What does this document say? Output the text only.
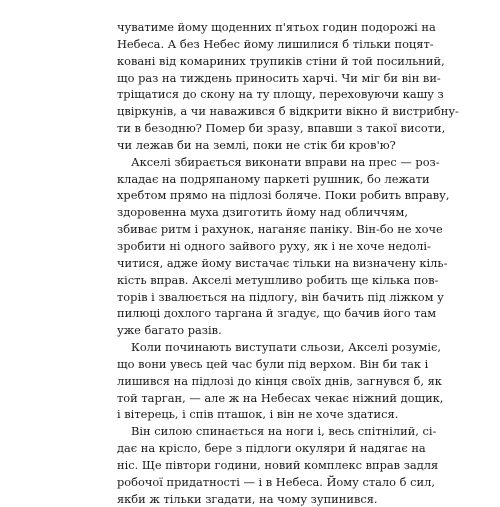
чуватиме йому щоденних п'ятьох годин подорожі на
Небеса. А без Небес йому лишилися б тільки поцят-
ковані від комариних трупиків стіни й той посильний,
що раз на тиждень приносить харчі. Чи міг би він ви-
тріщатися до скону на ту площу, переховуючи кашу з
цвіркунів, а чи наважився б відкрити вікно й вистрибну-
ти в безодню? Помер би зразу, впавши з такої висоти,
чи лежав би на землі, поки не стік би кров'ю?
Акселі збирається виконати вправи на прес — роз-
кладає на подряпаному паркеті рушник, бо лежати
хребтом прямо на підлозі боляче. Поки робить вправу,
здоровенна муха дзиготить йому над обличчям,
збиває ритм і рахунок, наганяє паніку. Він-бо не хоче
зробити ні одного зайвого руху, як і не хоче недолі-
читися, адже йому вистачає тільки на визначену кіль-
кість вправ. Акселі метушливо робить ще кілька пов-
торів і звалюється на підлогу, він бачить під ліжком у
пилюці дохлого таргана й згадує, що бачив його там
уже багато разів.
Коли починають виступати сльози, Акселі розуміє,
що вони увесь цей час були під верхом. Він би так і
лишився на підлозі до кінця своїх днів, загнувся б, як
той тарган, — але ж на Небесах чекає ніжний дощик,
і вітерець, і спів пташок, і він не хоче здатися.
Він силою спинається на ноги і, весь спітнілий, сі-
дає на крісло, бере з підлоги окуляри й надягає на
ніс. Ще півтори години, новий комплекс вправ задля
робочої придатності — і в Небеса. Йому стало б сил,
якби ж тільки згадати, на чому зупинився.
